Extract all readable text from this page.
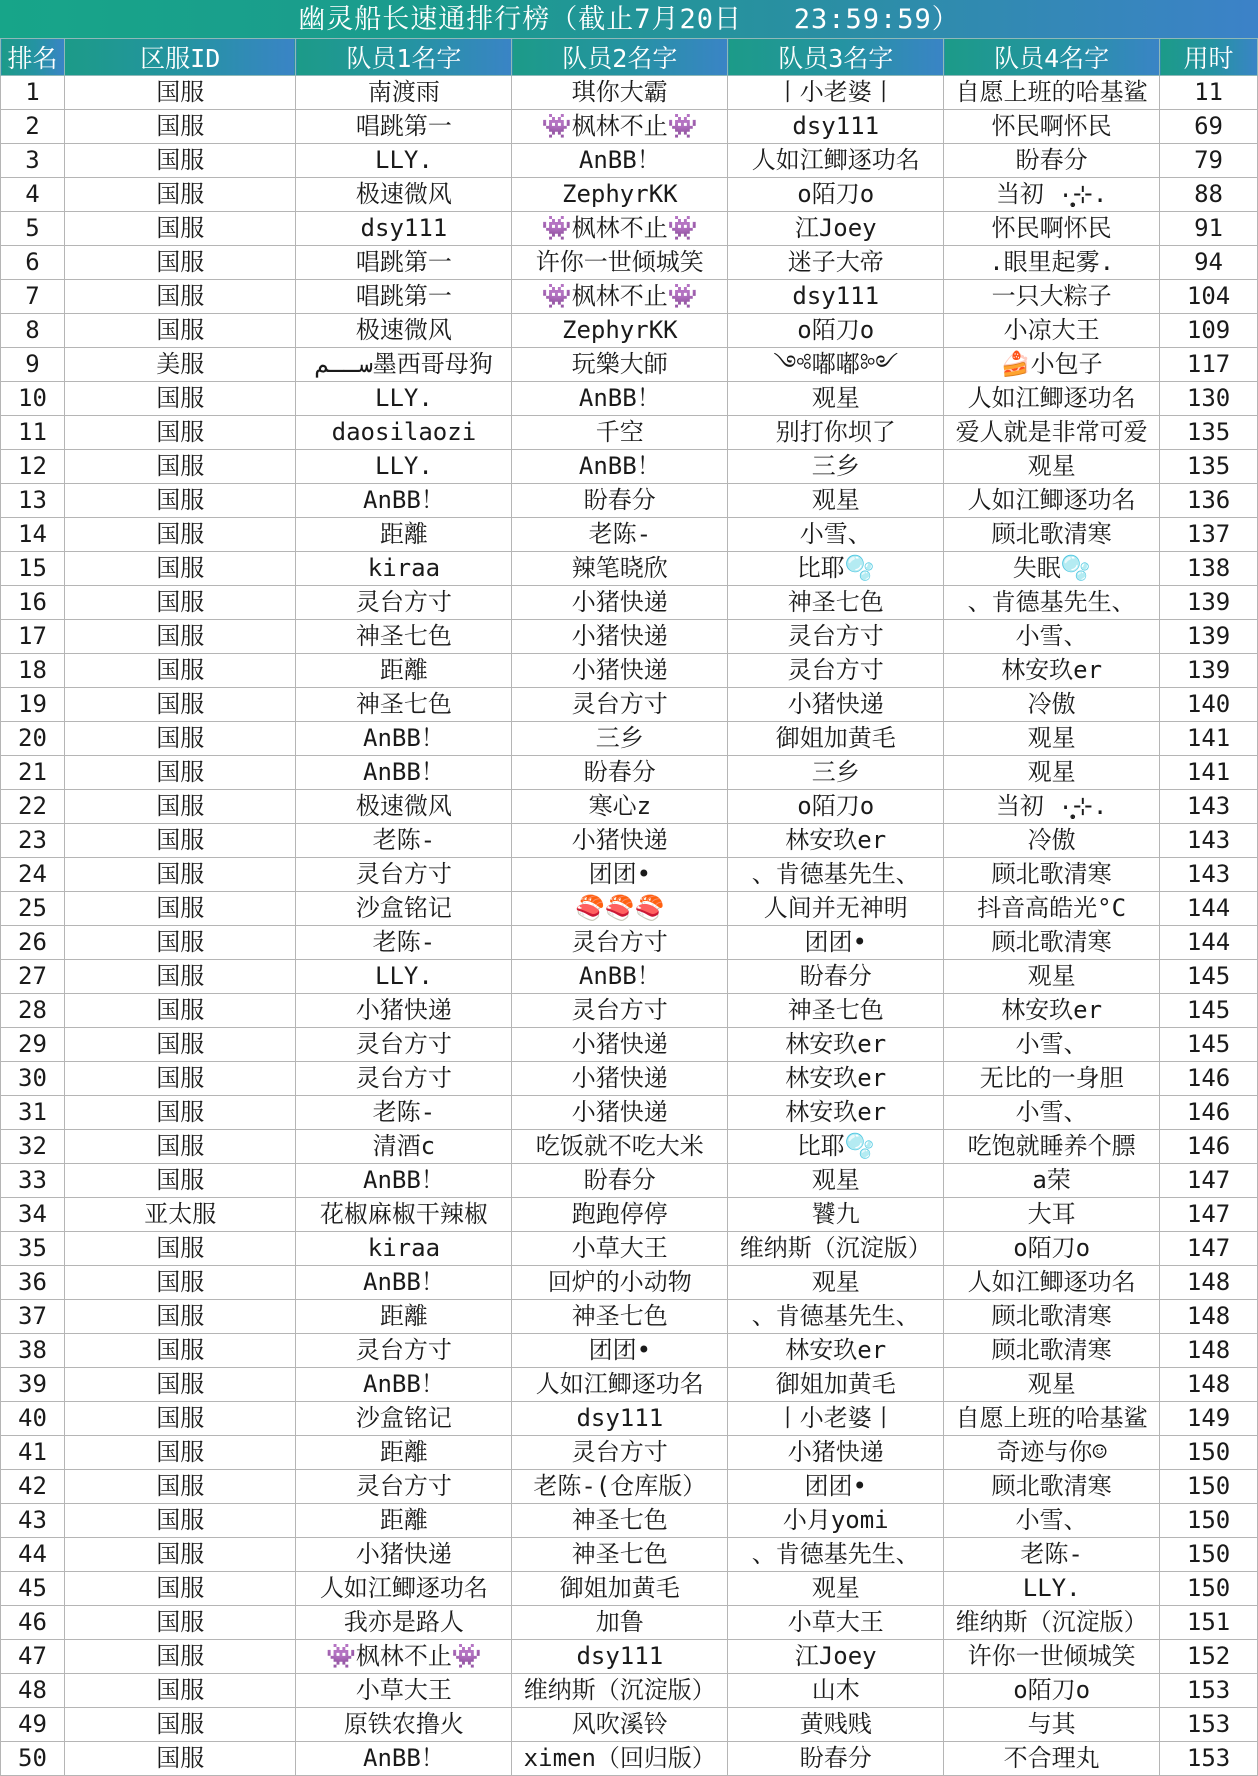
幽灵船长速通排行榜（截止7月20日   23:59:59）
排名	区服ID	队员1名字	队员2名字	队员3名字	队员4名字	用时
1	国服	南渡雨	琪你大霸	丨小老婆丨	自愿上班的哈基鲨	11
2	国服	唱跳第一	👾枫林不止👾	dsy111	怀民啊怀民	69
3	国服	LLY.	AnBB！	人如江鲫逐功名	盼春分	79
4	国服	极速微风	ZephyrKK	o陌刀o	当初 ·̩̩̥͙⊹.	88
5	国服	dsy111	👾枫林不止👾	江Joey	怀民啊怀民	91
6	国服	唱跳第一	许你一世倾城笑	迷子大帝	.眼里起雾.	94
7	国服	唱跳第一	👾枫林不止👾	dsy111	一只大粽子	104
8	国服	极速微风	ZephyrKK	o陌刀o	小凉大王	109
9	美服	ﺳــﻢ墨西哥母狗	玩樂大師	༺嘟嘟༻	🍰小包子	117
10	国服	LLY.	AnBB！	观星	人如江鲫逐功名	130
11	国服	daosilaozi	千空	别打你坝了	爱人就是非常可爱	135
12	国服	LLY.	AnBB！	三乡	观星	135
13	国服	AnBB！	盼春分	观星	人如江鲫逐功名	136
14	国服	距離	老陈-	小雪、	顾北歌清寒	137
15	国服	kiraa	辣笔晓欣	比耶🫧	失眠🫧	138
16	国服	灵台方寸	小猪快递	神圣七色	、肯德基先生、	139
17	国服	神圣七色	小猪快递	灵台方寸	小雪、	139
18	国服	距離	小猪快递	灵台方寸	林安玖er	139
19	国服	神圣七色	灵台方寸	小猪快递	冷傲	140
20	国服	AnBB！	三乡	御姐加黄毛	观星	141
21	国服	AnBB！	盼春分	三乡	观星	141
22	国服	极速微风	寒心z	o陌刀o	当初 ·̩̩̥͙⊹.	143
23	国服	老陈-	小猪快递	林安玖er	冷傲	143
24	国服	灵台方寸	团团•	、肯德基先生、	顾北歌清寒	143
25	国服	沙盒铭记	🍣🍣🍣	人间并无神明	抖音高皓光°C	144
26	国服	老陈-	灵台方寸	团团•	顾北歌清寒	144
27	国服	LLY.	AnBB！	盼春分	观星	145
28	国服	小猪快递	灵台方寸	神圣七色	林安玖er	145
29	国服	灵台方寸	小猪快递	林安玖er	小雪、	145
30	国服	灵台方寸	小猪快递	林安玖er	无比的一身胆	146
31	国服	老陈-	小猪快递	林安玖er	小雪、	146
32	国服	清酒c	吃饭就不吃大米	比耶🫧	吃饱就睡养个膘	146
33	国服	AnBB！	盼春分	观星	a荣	147
34	亚太服	花椒麻椒干辣椒	跑跑停停	饕九	大耳	147
35	国服	kiraa	小草大王	维纳斯（沉淀版）	o陌刀o	147
36	国服	AnBB！	回炉的小动物	观星	人如江鲫逐功名	148
37	国服	距離	神圣七色	、肯德基先生、	顾北歌清寒	148
38	国服	灵台方寸	团团•	林安玖er	顾北歌清寒	148
39	国服	AnBB！	人如江鲫逐功名	御姐加黄毛	观星	148
40	国服	沙盒铭记	dsy111	丨小老婆丨	自愿上班的哈基鲨	149
41	国服	距離	灵台方寸	小猪快递	奇迹与你☺	150
42	国服	灵台方寸	老陈-(仓库版）	团团•	顾北歌清寒	150
43	国服	距離	神圣七色	小月yomi	小雪、	150
44	国服	小猪快递	神圣七色	、肯德基先生、	老陈-	150
45	国服	人如江鲫逐功名	御姐加黄毛	观星	LLY.	150
46	国服	我亦是路人	加鲁	小草大王	维纳斯（沉淀版）	151
47	国服	👾枫林不止👾	dsy111	江Joey	许你一世倾城笑	152
48	国服	小草大王	维纳斯（沉淀版）	山木	o陌刀o	153
49	国服	原铁农撸火	风吹溪铃	黄贱贱	与其	153
50	国服	AnBB！	ximen（回归版）	盼春分	不合理丸	153
